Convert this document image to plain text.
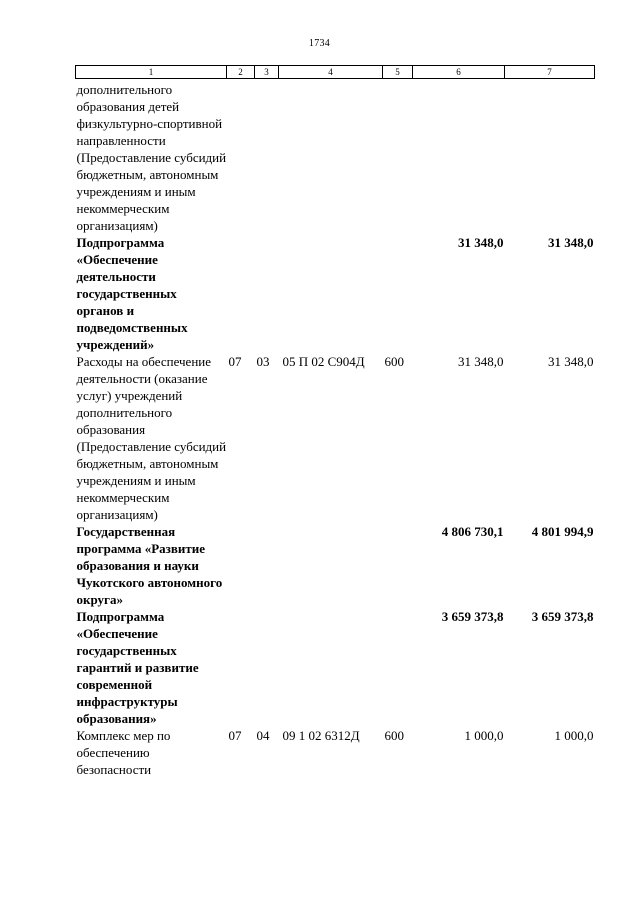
1734
1	2	3	4	5	6	7
дополнительного образования детей физкультурно-спортивной направленности (Предоставление субсидий бюджетным, автономным учреждениям и иным некоммерческим организациям)						
Подпрограмма «Обеспечение деятельности государственных органов и подведомственных учреждений»					31 348,0	31 348,0
Расходы на обеспечение деятельности (оказание услуг) учреждений дополнительного образования (Предоставление субсидий бюджетным, автономным учреждениям и иным некоммерческим организациям)	07	03	05 П 02 С904Д	600	31 348,0	31 348,0
Государственная программа «Развитие образования и науки Чукотского автономного округа»					4 806 730,1	4 801 994,9
Подпрограмма «Обеспечение государственных гарантий и развитие современной инфраструктуры образования»					3 659 373,8	3 659 373,8
Комплекс мер по обеспечению безопасности	07	04	09 1 02 6312Д	600	1 000,0	1 000,0
